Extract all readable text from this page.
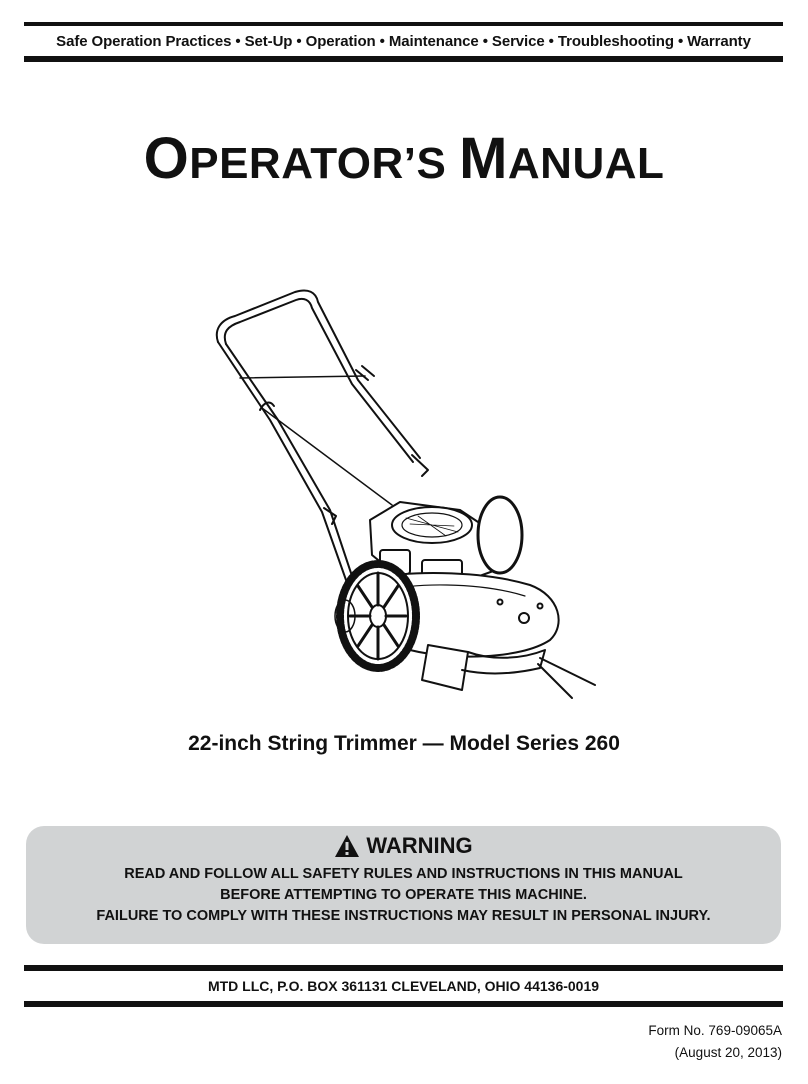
Safe Operation Practices • Set-Up • Operation • Maintenance • Service • Troubleshooting • Warranty
OPERATOR’S MANUAL
22-inch String Trimmer — Model Series 260
WARNING
READ AND FOLLOW ALL SAFETY RULES AND INSTRUCTIONS IN THIS MANUAL
BEFORE ATTEMPTING TO OPERATE THIS MACHINE.
FAILURE TO COMPLY WITH THESE INSTRUCTIONS MAY RESULT IN PERSONAL INJURY.
MTD LLC, P.O. BOX 361131 CLEVELAND, OHIO 44136-0019
Form No. 769-09065A
(August 20, 2013)
